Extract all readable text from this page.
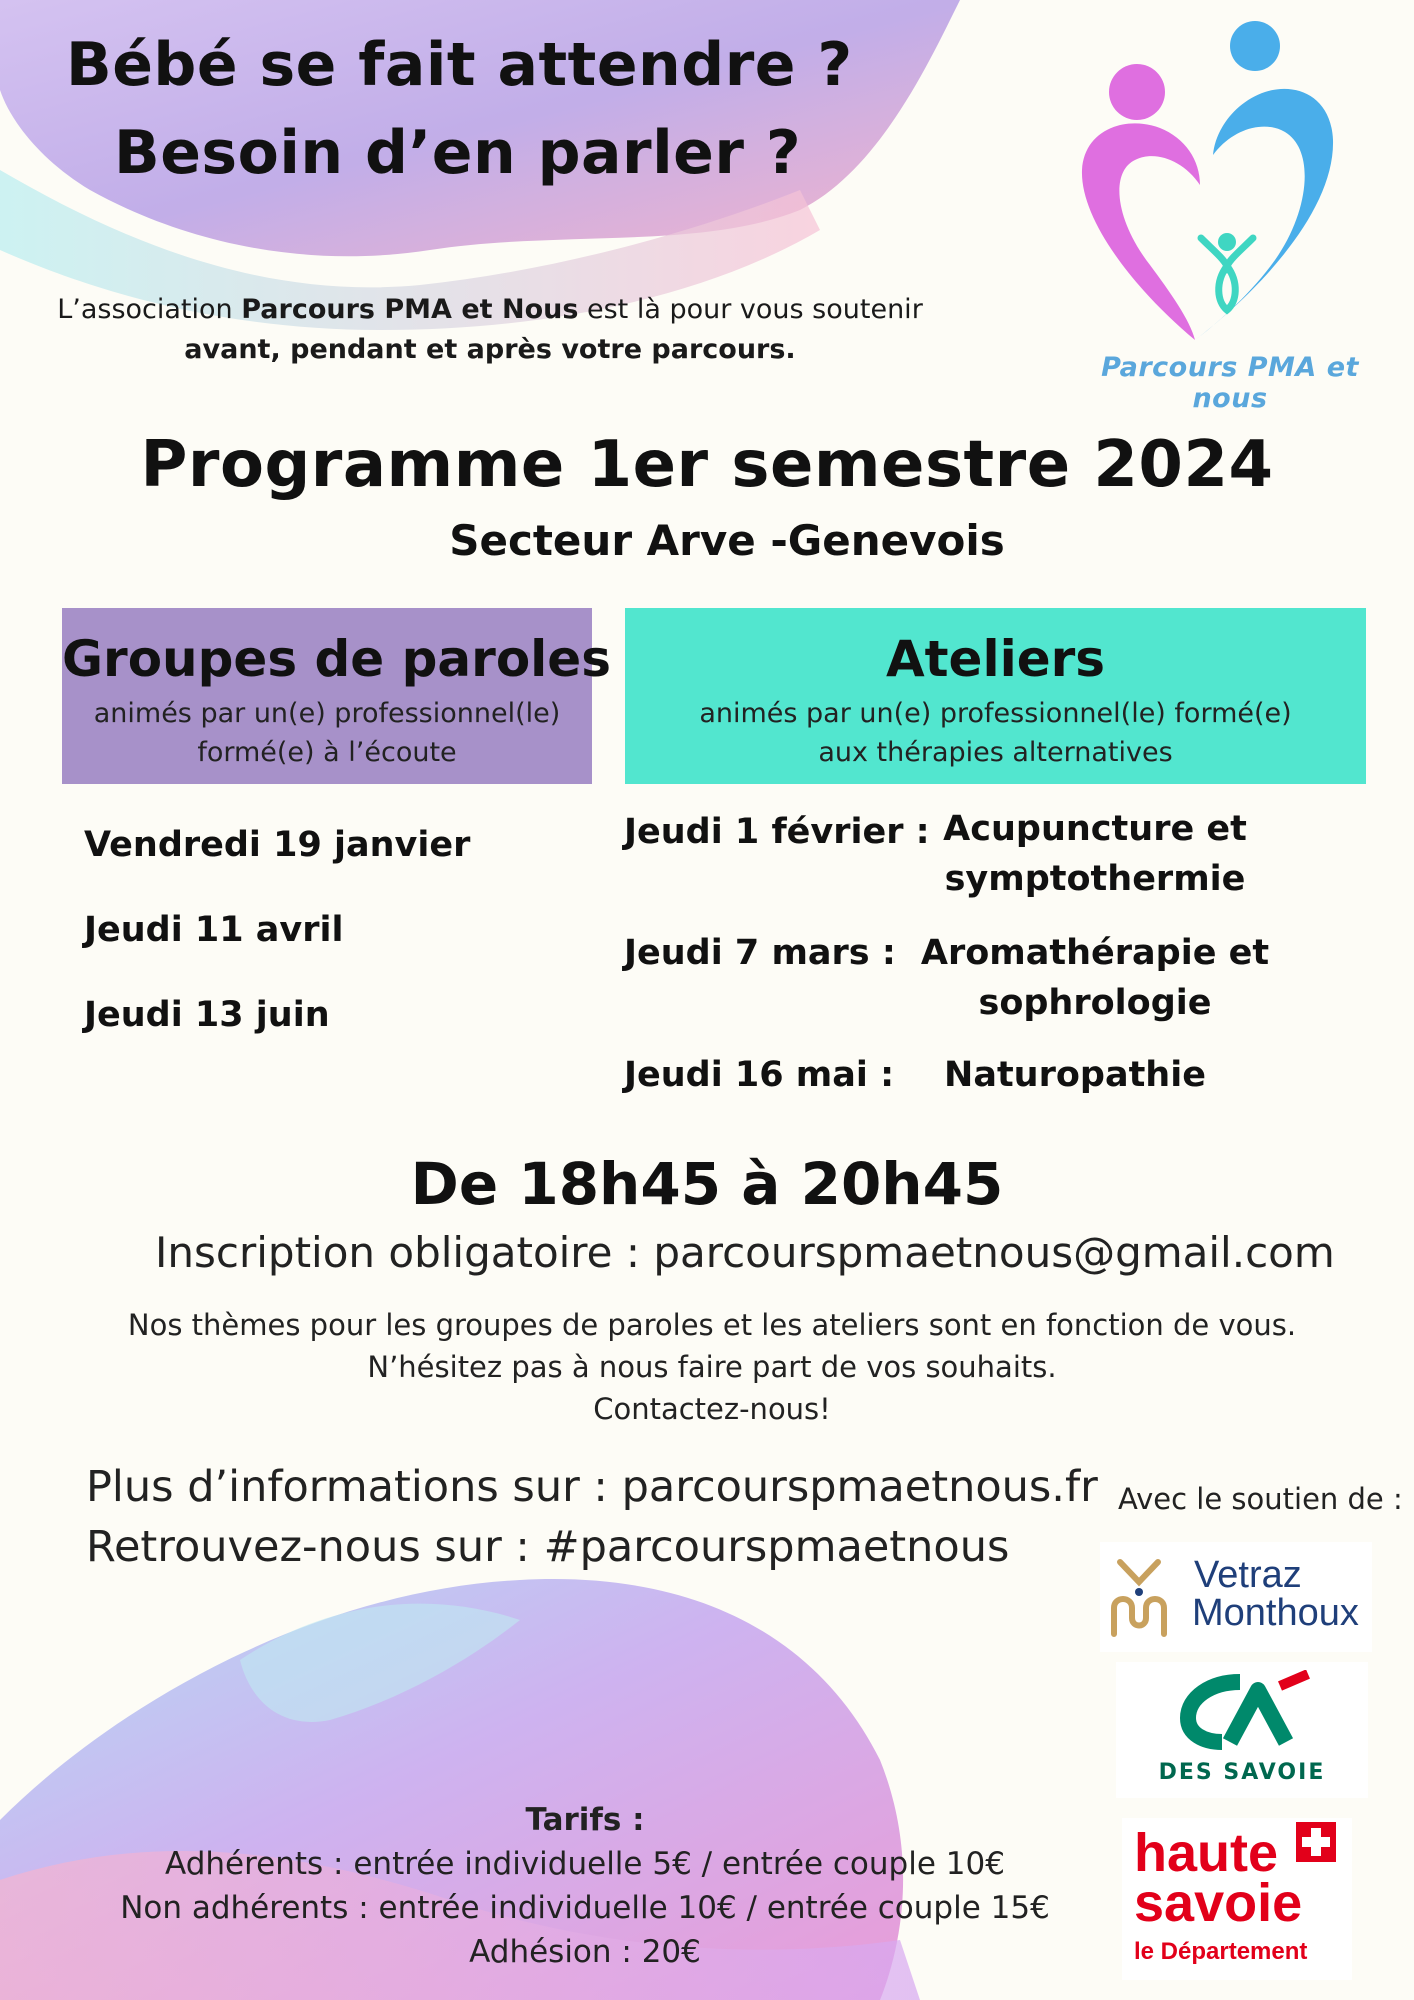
Bébé se fait attendre ?
Besoin d’en parler ?
L’association Parcours PMA et Nous est là pour vous soutenir
avant, pendant et après votre parcours.
Parcours PMA et nous
Programme 1er semestre 2024
Secteur Arve -Genevois
Groupes de paroles
animés par un(e) professionnel(le) formé(e) à l’écoute
Ateliers
animés par un(e) professionnel(le) formé(e) aux thérapies alternatives
Vendredi 19 janvier
Jeudi 11 avril
Jeudi 13 juin
Jeudi 1 février : Acupuncture et symptothermie
Jeudi 7 mars : Aromathérapie et sophrologie
Jeudi 16 mai :	Naturopathie
De 18h45 à 20h45
Inscription obligatoire : parcourspmaetnous@gmail.com
Nos thèmes pour les groupes de paroles et les ateliers sont en fonction de vous.
N’hésitez pas à nous faire part de vos souhaits.
Contactez-nous!
Plus d’informations sur : parcourspmaetnous.fr
Retrouvez-nous sur : #parcourspmaetnous
Avec le soutien de :
Vetraz
Monthoux
DES SAVOIE
haute
savoie
le Département
Tarifs :
Adhérents : entrée individuelle 5€ / entrée couple 10€
Non adhérents : entrée individuelle 10€ / entrée couple 15€
Adhésion : 20€
